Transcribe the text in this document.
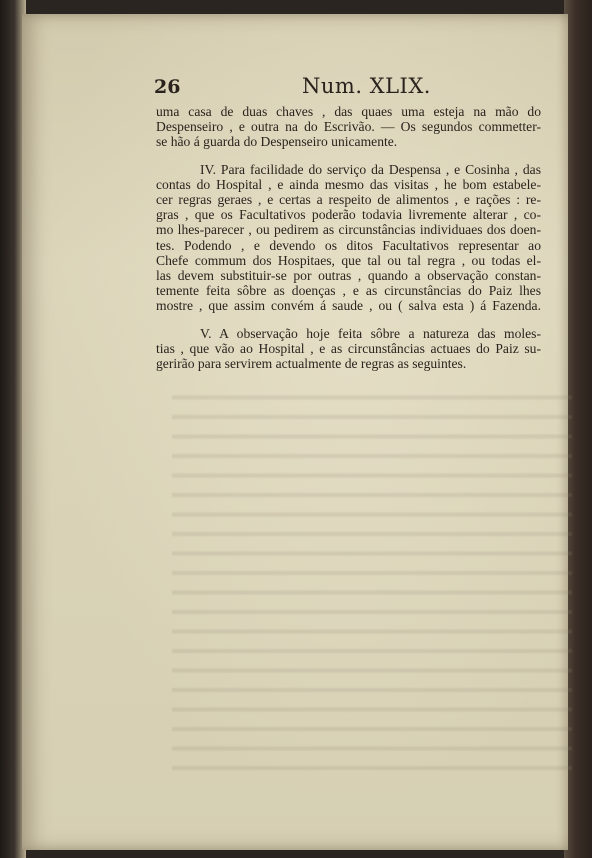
26	Num. XLIX.

uma casa de duas chaves , das quaes uma esteja na mão do
Despenseiro , e outra na do Escrivão. — Os segundos commetter-
se hão á guarda do Despenseiro unicamente.

IV. Para facilidade do serviço da Despensa , e Cosinha , das
contas do Hospital , e ainda mesmo das visitas , he bom estabele-
cer regras geraes , e certas a respeito de alimentos , e rações : re-
gras , que os Facultativos poderão todavia livremente alterar , co-
mo lhes-parecer , ou pedirem as circunstâncias individuaes dos doen-
tes. Podendo , e devendo os ditos Facultativos representar ao
Chefe commum dos Hospitaes, que tal ou tal regra , ou todas el-
las devem substituir-se por outras , quando a observação constan-
temente feita sôbre as doenças , e as circunstâncias do Paiz lhes
mostre , que assim convém á saude , ou ( salva esta ) á Fazenda.

V. A observação hoje feita sôbre a natureza das moles-
tias , que vão ao Hospital , e as circunstâncias actuaes do Paiz su-
gerirão para servirem actualmente de regras as seguintes.
